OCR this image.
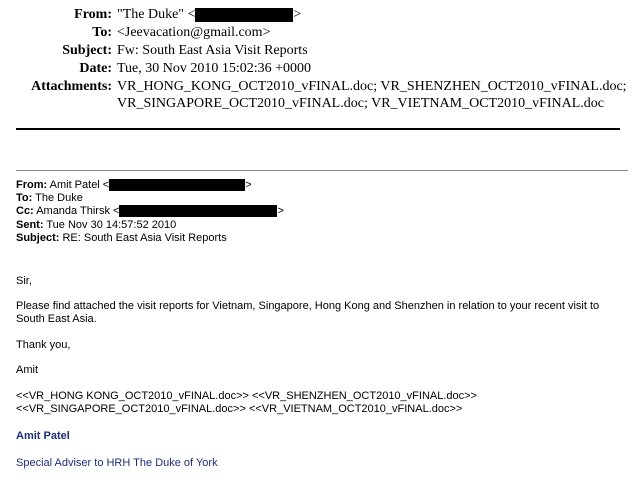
From: "The Duke" <	>
To: <Jeevacation@gmail.com>
Subject: Fw: South East Asia Visit Reports
Date: Tue, 30 Nov 2010 15:02:36 +0000
Attachments: VR_HONG_KONG_OCT2010_vFINAL.doc; VR_SHENZHEN_OCT2010_vFINAL.doc;
VR_SINGAPORE_OCT2010_vFINAL.doc; VR_VIETNAM_OCT2010_vFINAL.doc
From: Amit Patel <	>
To: The Duke
Cc: Amanda Thirsk <	>
Sent: Tue Nov 30 14:57:52 2010
Subject: RE: South East Asia Visit Reports
Sir,
Please find attached the visit reports for Vietnam, Singapore, Hong Kong and Shenzhen in relation to your recent visit to
South East Asia.
Thank you,
Amit
<<VR_HONG KONG_OCT2010_vFINAL.doc>> <<VR_SHENZHEN_OCT2010_vFINAL.doc>>
<<VR_SINGAPORE_OCT2010_vFINAL.doc>> <<VR_VIETNAM_OCT2010_vFINAL.doc>>
Amit Patel
Special Adviser to HRH The Duke of York
